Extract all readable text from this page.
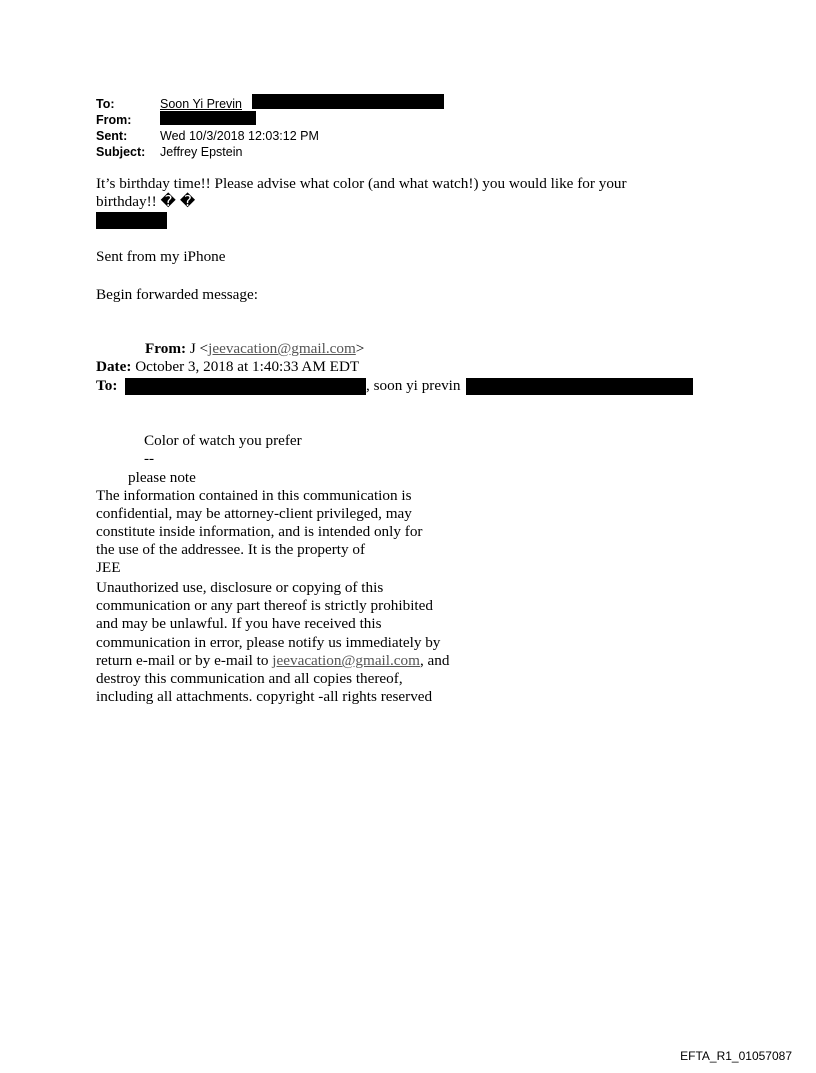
To:	Soon Yi Previn
From:
Sent:	Wed 10/3/2018 12:03:12 PM
Subject: Jeffrey Epstein
It’s birthday time!! Please advise what color (and what watch!) you would like for your
birthday!! � �
Sent from my iPhone
Begin forwarded message:
From: J <jeevacation@gmail.com>
Date: October 3, 2018 at 1:40:33 AM EDT
To:	, soon yi previn
Color of watch you prefer
--
please note
The information contained in this communication is
confidential, may be attorney-client privileged, may
constitute inside information, and is intended only for
the use of the addressee. It is the property of
JEE
Unauthorized use, disclosure or copying of this
communication or any part thereof is strictly prohibited
and may be unlawful. If you have received this
communication in error, please notify us immediately by
return e-mail or by e-mail to jeevacation@gmail.com, and
destroy this communication and all copies thereof,
including all attachments. copyright -all rights reserved
EFTA_R1_01057087
